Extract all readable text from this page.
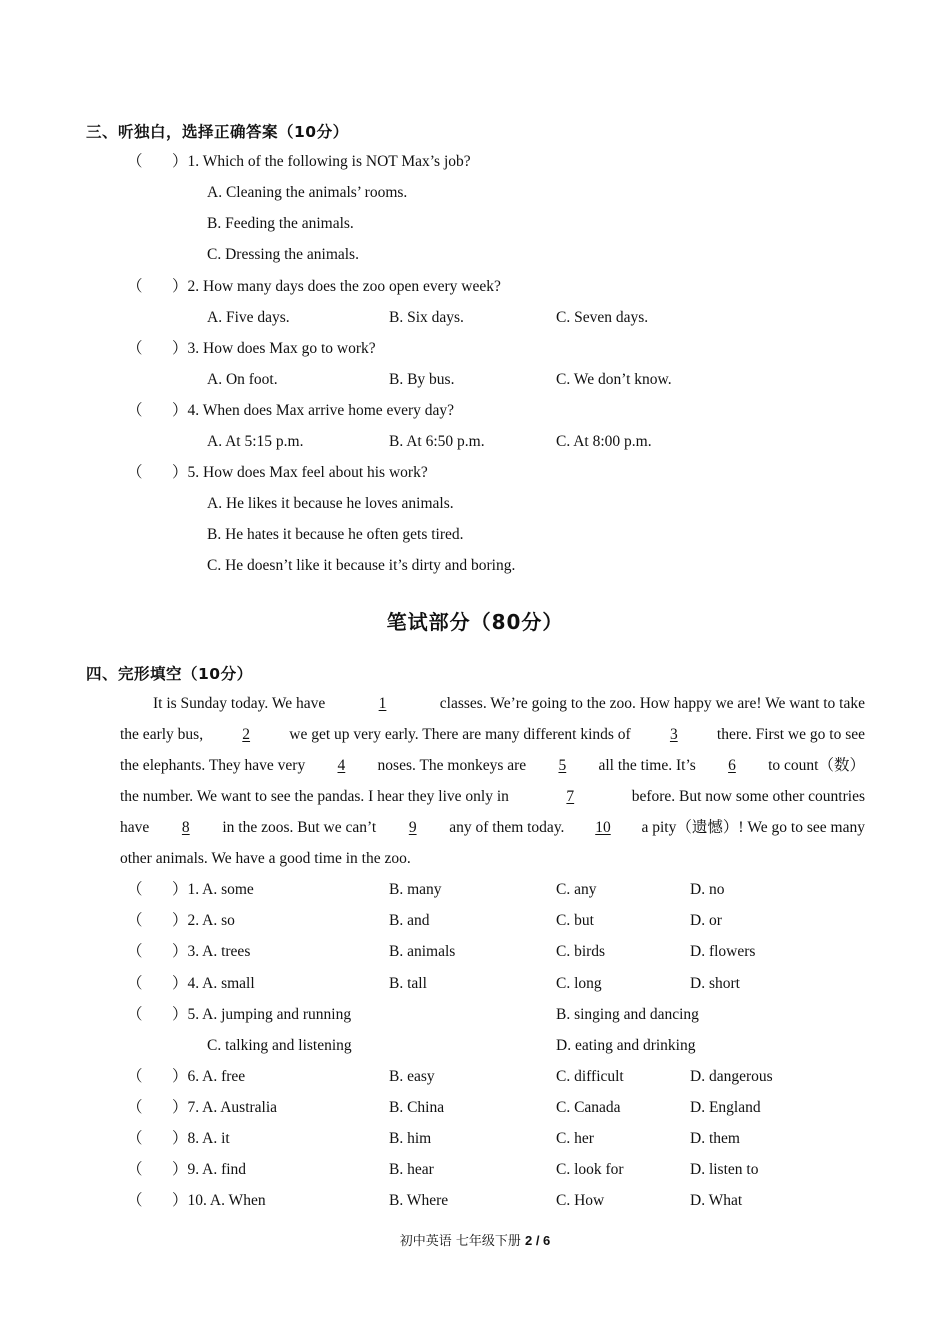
三、听独白，选择正确答案（10分）
（ ）1. Which of the following is NOT Max’s job?
A. Cleaning the animals’ rooms.
B. Feeding the animals.
C. Dressing the animals.
（ ）2. How many days does the zoo open every week?
A. Five days.	B. Six days.	C. Seven days.
（ ）3. How does Max go to work?
A. On foot.	B. By bus.	C. We don’t know.
（ ）4. When does Max arrive home every day?
A. At 5:15 p.m.	B. At 6:50 p.m.	C. At 8:00 p.m.
（ ）5. How does Max feel about his work?
A. He likes it because he loves animals.
B. He hates it because he often gets tired.
C. He doesn’t like it because it’s dirty and boring.
笔试部分（80分）
四、完形填空（10分）
It is Sunday today. We have	1	classes. We’re going to the zoo. How happy we are! We want to take
the early bus,	2	we get up very early. There are many different kinds of	3	there. First we go to see
the elephants. They have very	4	noses. The monkeys are	5	all the time. It’s	6	to count（数）
the number. We want to see the pandas. I hear they live only in	7	before. But now some other countries
have	8	in the zoos. But we can’t	9	any of them today.	10	a pity（遗憾）! We go to see many
other animals. We have a good time in the zoo.
（ ）1. A. some	B. many	C. any	D. no
（ ）2. A. so	B. and	C. but	D. or
（ ）3. A. trees	B. animals	C. birds	D. flowers
（ ）4. A. small	B. tall	C. long	D. short
（ ）5. A. jumping and running	B. singing and dancing
C. talking and listening	D. eating and drinking
（ ）6. A. free	B. easy	C. difficult	D. dangerous
（ ）7. A. Australia	B. China	C. Canada	D. England
（ ）8. A. it	B. him	C. her	D. them
（ ）9. A. find	B. hear	C. look for	D. listen to
（ ）10. A. When	B. Where	C. How	D. What
初中英语 七年级下册 2 / 6
